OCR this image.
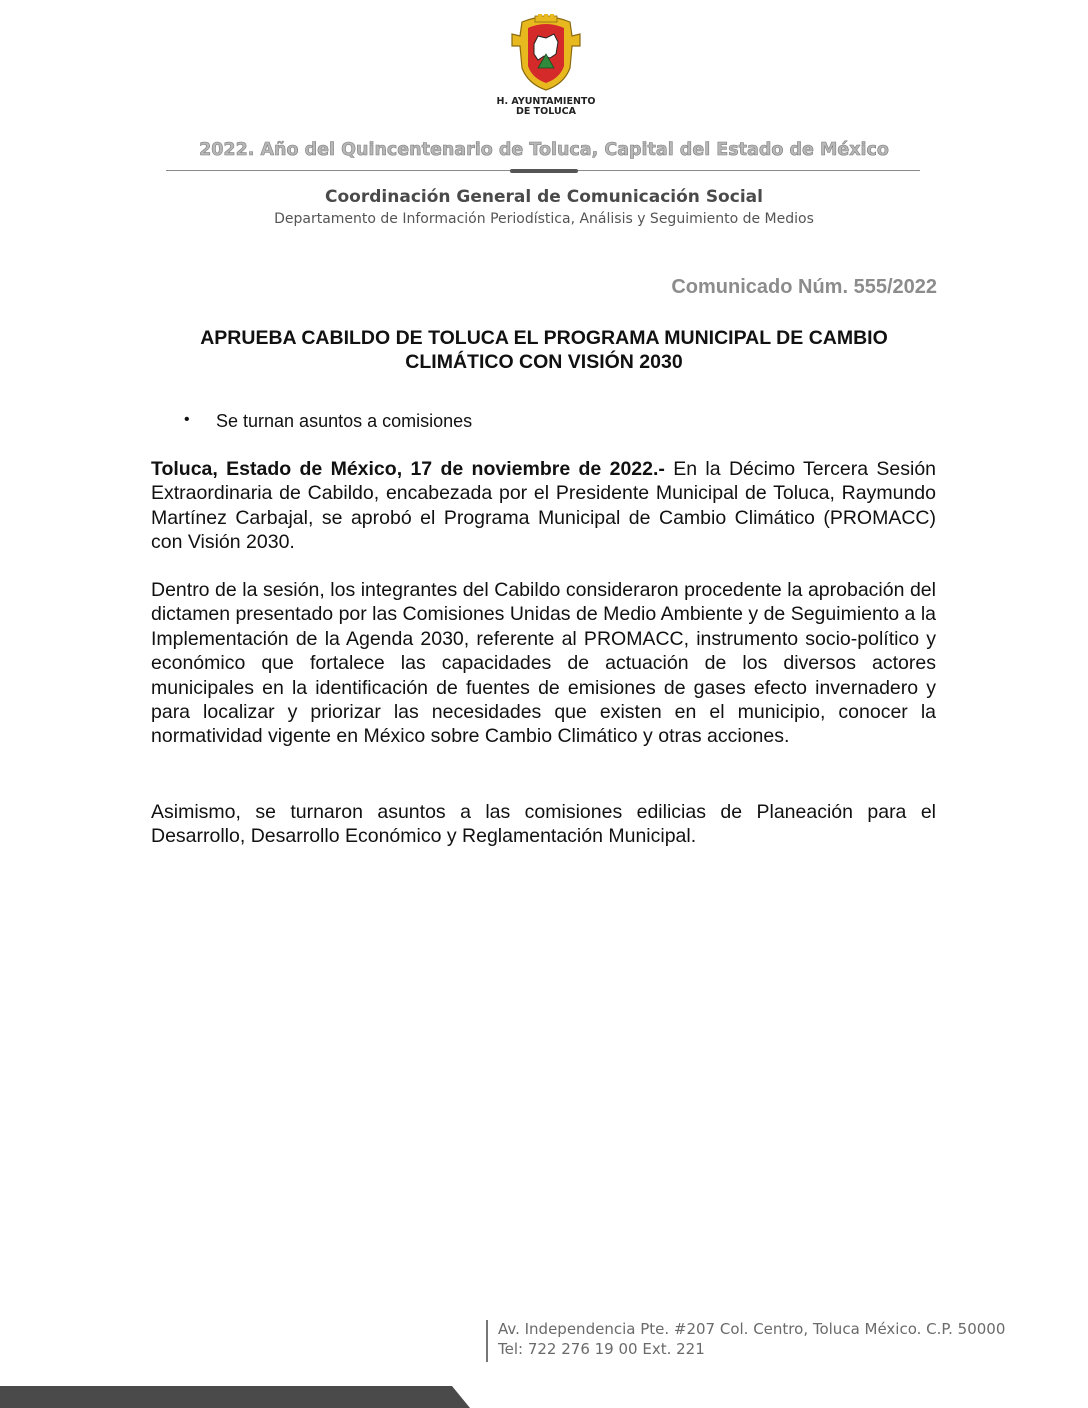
H. AYUNTAMIENTO
DE TOLUCA
2022. Año del Quincentenario de Toluca, Capital del Estado de México
Coordinación General de Comunicación Social
Departamento de Información Periodística, Análisis y Seguimiento de Medios
Comunicado Núm. 555/2022
APRUEBA CABILDO DE TOLUCA EL PROGRAMA MUNICIPAL DE CAMBIO
CLIMÁTICO CON VISIÓN 2030
• Se turnan asuntos a comisiones

Toluca, Estado de México, 17 de noviembre de 2022.- En la Décimo Tercera Sesión Extraordinaria de Cabildo, encabezada por el Presidente Municipal de Toluca, Raymundo Martínez Carbajal, se aprobó el Programa Municipal de Cambio Climático (PROMACC) con Visión 2030.

Dentro de la sesión, los integrantes del Cabildo consideraron procedente la aprobación del dictamen presentado por las Comisiones Unidas de Medio Ambiente y de Seguimiento a la Implementación de la Agenda 2030, referente al PROMACC, instrumento socio-político y económico que fortalece las capacidades de actuación de los diversos actores municipales en la identificación de fuentes de emisiones de gases efecto invernadero y para localizar y priorizar las necesidades que existen en el municipio, conocer la normatividad vigente en México sobre Cambio Climático y otras acciones.

Asimismo, se turnaron asuntos a las comisiones edilicias de Planeación para el Desarrollo, Desarrollo Económico y Reglamentación Municipal.

Av. Independencia Pte. #207 Col. Centro, Toluca México. C.P. 50000
Tel: 722 276 19 00 Ext. 221
